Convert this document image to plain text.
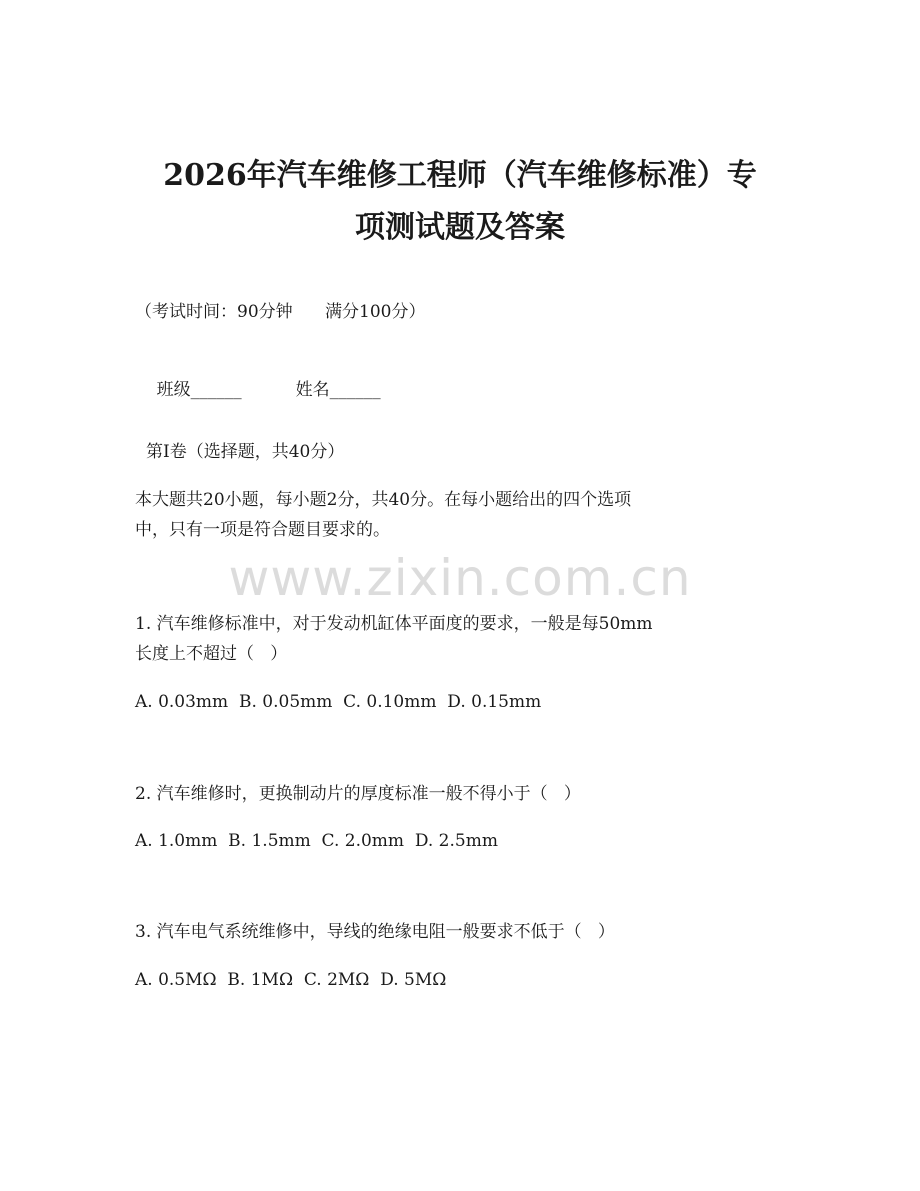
2026年汽车维修工程师（汽车维修标准）专
项测试题及答案

（考试时间：90分钟      满分100分）

班级______	姓名______

第I卷（选择题，共40分）

本大题共20小题，每小题2分，共40分。在每小题给出的四个选项

中，只有一项是符合题目要求的。

www.zixin.com.cn

1. 汽车维修标准中，对于发动机缸体平面度的要求，一般是每50mm

长度上不超过（   ）

A. 0.03mm  B. 0.05mm  C. 0.10mm  D. 0.15mm

2. 汽车维修时，更换制动片的厚度标准一般不得小于（   ）

A. 1.0mm  B. 1.5mm  C. 2.0mm  D. 2.5mm

3. 汽车电气系统维修中，导线的绝缘电阻一般要求不低于（   ）

A. 0.5MΩ  B. 1MΩ  C. 2MΩ  D. 5MΩ
